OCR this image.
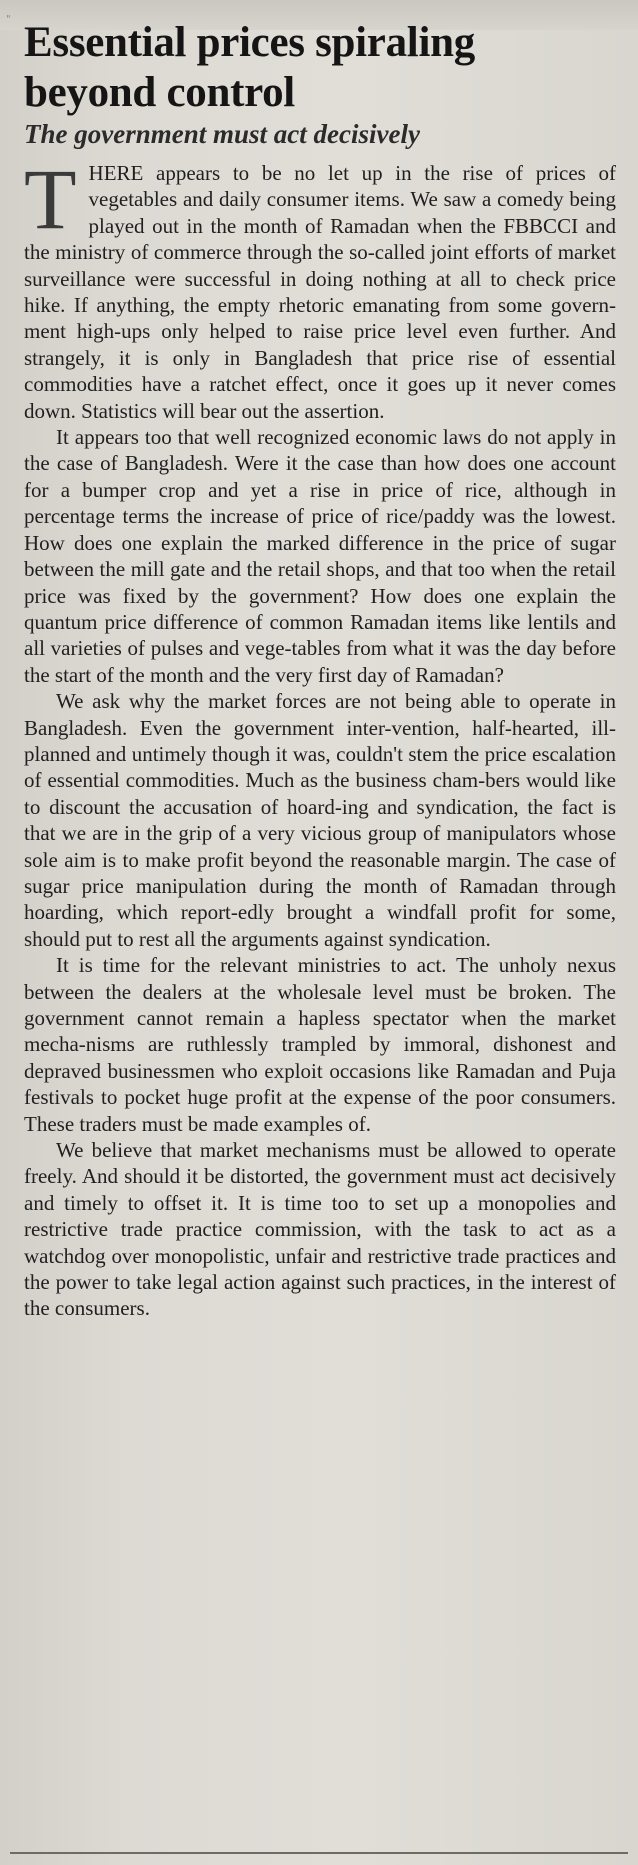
" Essential prices spiraling beyond control
The government must act decisively

THERE appears to be no let up in the rise of prices of vegetables and daily consumer items. We saw a comedy being played out in the month of Ramadan when the FBBCCI and the ministry of commerce through the so-called joint efforts of market surveillance were successful in doing nothing at all to check price hike. If anything, the empty rhetoric emanating from some govern-ment high-ups only helped to raise price level even further. And strangely, it is only in Bangladesh that price rise of essential commodities have a ratchet effect, once it goes up it never comes down. Statistics will bear out the assertion.

It appears too that well recognized economic laws do not apply in the case of Bangladesh. Were it the case than how does one account for a bumper crop and yet a rise in price of rice, although in percentage terms the increase of price of rice/paddy was the lowest. How does one explain the marked difference in the price of sugar between the mill gate and the retail shops, and that too when the retail price was fixed by the government? How does one explain the quantum price difference of common Ramadan items like lentils and all varieties of pulses and vege-tables from what it was the day before the start of the month and the very first day of Ramadan?

We ask why the market forces are not being able to operate in Bangladesh. Even the government inter-vention, half-hearted, ill-planned and untimely though it was, couldn't stem the price escalation of essential commodities. Much as the business cham-bers would like to discount the accusation of hoard-ing and syndication, the fact is that we are in the grip of a very vicious group of manipulators whose sole aim is to make profit beyond the reasonable margin. The case of sugar price manipulation during the month of Ramadan through hoarding, which report-edly brought a windfall profit for some, should put to rest all the arguments against syndication.

It is time for the relevant ministries to act. The unholy nexus between the dealers at the wholesale level must be broken. The government cannot remain a hapless spectator when the market mecha-nisms are ruthlessly trampled by immoral, dishonest and depraved businessmen who exploit occasions like Ramadan and Puja festivals to pocket huge profit at the expense of the poor consumers. These traders must be made examples of.

We believe that market mechanisms must be allowed to operate freely. And should it be distorted, the government must act decisively and timely to offset it. It is time too to set up a monopolies and restrictive trade practice commission, with the task to act as a watchdog over monopolistic, unfair and restrictive trade practices and the power to take legal action against such practices, in the interest of the consumers.
